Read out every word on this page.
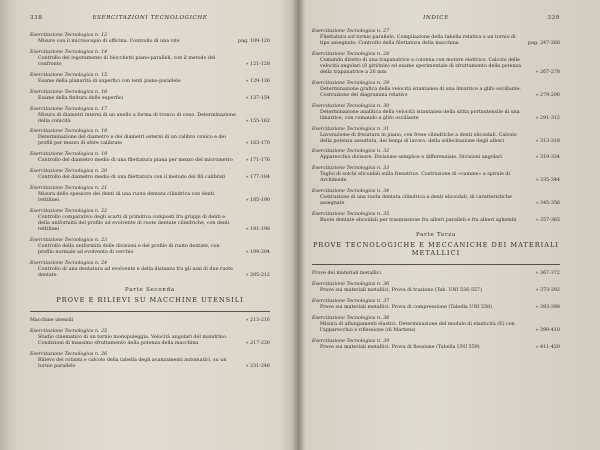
338	ESERCITAZIONI TECNOLOGICHE
Esercitazione Tecnologica n. 12
Misure con il microscopio di officina. Controllo di una vite	pag. 109-120
Esercitazione Tecnologica n. 14
Controllo del logoramento di blocchetti piano-paralleli, con il metodo del confronto	» 121-128
Esercitazione Tecnologica n. 15
Esame della planarità di superfici con lenti piano-parallele	» 129-136
Esercitazione Tecnologica n. 16
Esame della finitura delle superfici	» 137-154
Esercitazione Tecnologica n. 17
Misura di diametri interni di un anello a forma di tronco di cono. Determinazione della conicità	» 155-162
Esercitazione Tecnologica n. 18
Determinazione del diametro e dei diametri esterni di un calibro conico e dei profili per mezzo di sfere calibrate	» 163-170
Esercitazione Tecnologica n. 19
Controllo del diametro medio di una filettatura piana per mezzo del micrometro	» 171-176
Esercitazione Tecnologica n. 20
Controllo del diametro medio di una filettatura con il metodo dei fili calibrati	» 177-184
Esercitazione Tecnologica n. 21
Misura dello spessore dei denti di una ruota dentata cilindrica con denti rettilinei	» 185-190
Esercitazione Tecnologica n. 22
Controllo comparativo degli scarti di primitiva composti fra gruppi di denti e della uniformità del profilo ad evolvente di ruote dentate cilindriche, con denti rettilinei	» 191-198
Esercitazione Tecnologica n. 23
Controllo della uniformità delle divisioni e del profilo di ruote dentate, con profilo normale ad evolvente di cerchio	» 199-204
Esercitazione Tecnologica n. 24
Controllo di una dentatura ad evolvente e della distanza fra gli assi di due ruote dentate	» 205-212
Parte Seconda
PROVE E RILIEVI SU MACCHINE UTENSILI
Macchine utensili	» 213-216
Esercitazione Tecnologica n. 25
Studio cinematico di un tornio monopuleggia. Velocità angolari del mandrino. Condizioni di massimo sfruttamento della potenza della macchina	» 217-230
Esercitazione Tecnologica n. 26
Rilievo dei rotismi e calcolo della tabella degli avanzamenti automatici, su un tornio parallelo	» 231-246
INDICE	339
Esercitazione Tecnologica n. 27
Filettatura sul tornio parallelo. Compilazione della tabella relativa a un tornio di tipo assegnato. Controllo della filettatura della macchina	pag. 247-266
Esercitazione Tecnologica n. 28
Comando diretto di una trapanatrice a colonna con motore elettrico. Calcolo delle velocità angolari (8 giri/min) ed esame sperimentale di sfruttamento della potenza della trapanatrice a 26 mm	» 267-278
Esercitazione Tecnologica n. 29
Determinazione grafica della velocità istantanea di una limatrice a glifo oscillante. Costruzione del diagramma relativo	» 279-290
Esercitazione Tecnologica n. 30
Determinazione analitica della velocità istantanea della slitta portautensile di una limatrice, con comando a glifo oscillante	» 291-312
Esercitazione Tecnologica n. 31
Lavorazione di fresatura in piano, con frese cilindriche a denti elicoidali. Calcolo della potenza assorbita, dei tempi di lavoro, della sollecitazione degli alberi	» 313-318
Esercitazione Tecnologica n. 32
Apparecchio divisore. Divisione semplice e differenziale. Divisioni angolari	» 319-334
Esercitazione Tecnologica n. 33
Taglio di solchi elicoidali sulla fresatrice. Costruzione di «camme» a spirale di Archimede	» 335-344
Esercitazione Tecnologica n. 34
Costruzione di una ruota dentata cilindrica a denti elicoidali, di caratteristiche assegnate	» 345-356
Esercitazione Tecnologica n. 35
Ruote dentate elicoidali per trasmissione fra alberi paralleli e fra alberi sghembi	» 357-365
Parte Terza
PROVE TECNOLOGICHE E MECCANICHE DEI MATERIALI METALLICI
Prove dei materiali metallici	» 367-372
Esercitazione Tecnologica n. 36
Prove sui materiali metallici. Prova di trazione (Tab. UNI 556-557)	» 373-392
Esercitazione Tecnologica n. 37
Prove sui materiali metallici. Prova di compressione (Tabella UNI 558)	» 393-398
Esercitazione Tecnologica n. 38
Misura di allungamenti elastici. Determinazione del modulo di elasticità (E) con l'apparecchio a riflessione (di Martens)	» 399-410
Esercitazione Tecnologica n. 39
Prove sui materiali metallici. Prova di flessione (Tabella UNI 559)	» 411-420
